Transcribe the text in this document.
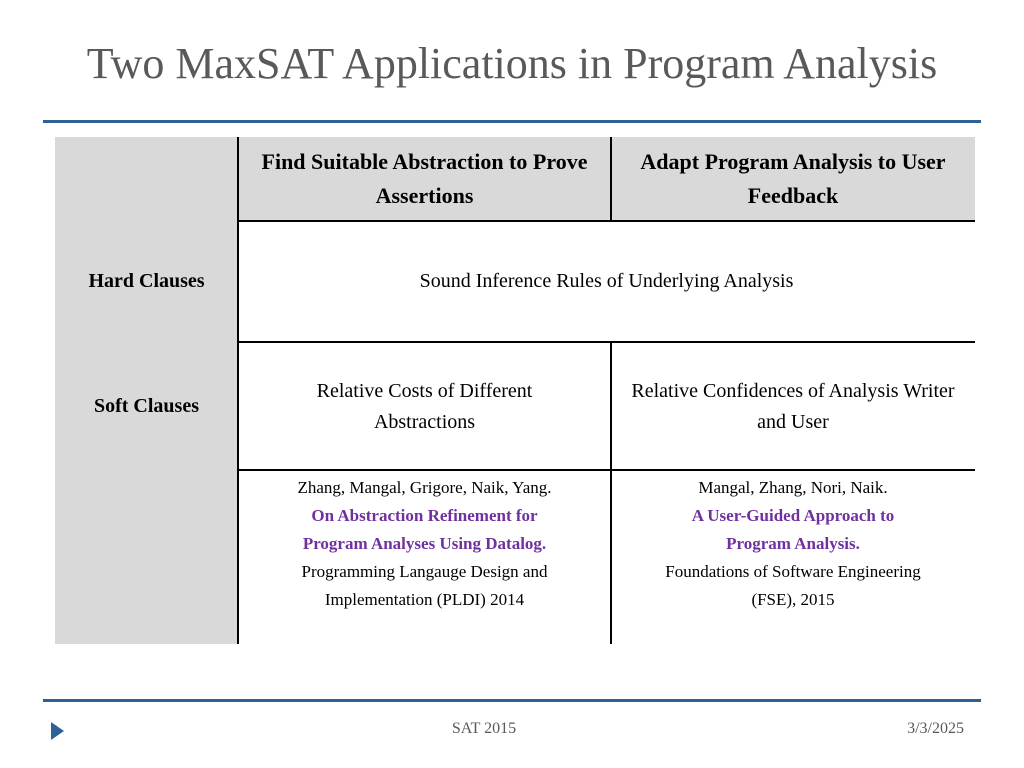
Two MaxSAT Applications in Program Analysis
Find Suitable Abstraction to Prove Assertions
Adapt Program Analysis to User Feedback
Hard Clauses	Sound Inference Rules of Underlying Analysis
Soft Clauses
Relative Costs of Different Abstractions
Relative Confidences of Analysis Writer and User
Zhang, Mangal, Grigore, Naik, Yang.
On Abstraction Refinement for
Program Analyses Using Datalog.
Programming Langauge Design and
Implementation (PLDI) 2014
Mangal, Zhang, Nori, Naik.
A User-Guided Approach to
Program Analysis.
Foundations of Software Engineering
(FSE), 2015
SAT 2015	3/3/2025
